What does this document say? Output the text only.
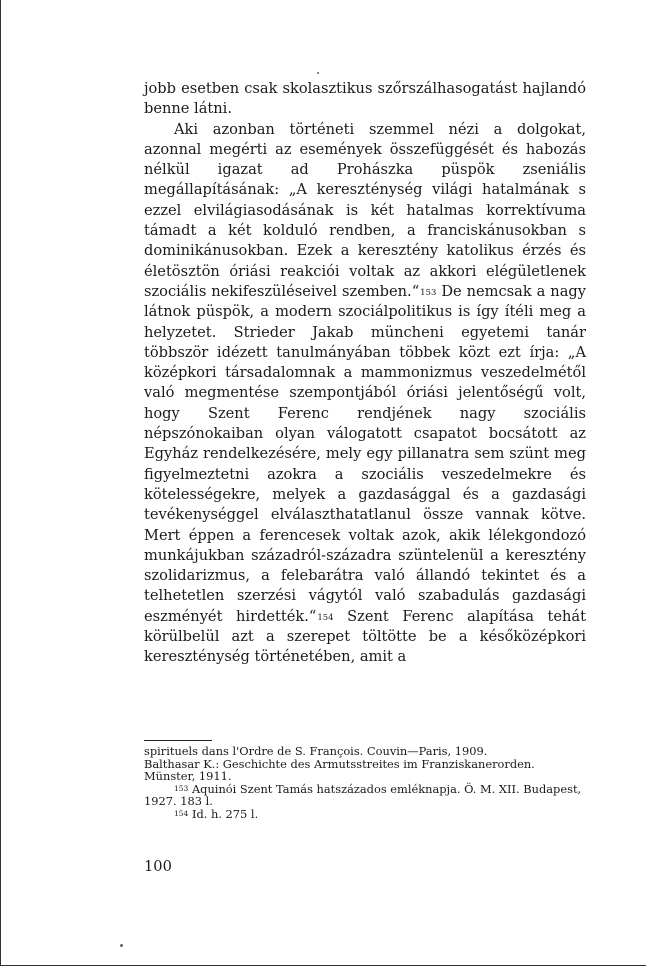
jobb esetben csak skolasztikus szőrszálhasogatást hajlandó benne látni.

Aki azonban történeti szemmel nézi a dolgokat, azonnal megérti az események összefüggését és habozás nélkül igazat ad Prohászka püspök zseniális megállapításának: „A kereszténység világi hatalmának s ezzel elvilágiasodásának is két hatalmas korrektívuma támadt a két kolduló rendben, a franciskánusokban s dominikánusokban. Ezek a keresztény katolikus érzés és életösztön óriási reakciói voltak az akkori elégületlenek szociális nekifeszüléseivel szemben.“$^{153}$ De nemcsak a nagy látnok püspök, a modern szociálpolitikus is így ítéli meg a helyzetet. Strieder Jakab müncheni egyetemi tanár többször idézett tanulmányában többek közt ezt írja: „A középkori társadalomnak a mammonizmus veszedelmétől való megmentése szempontjából óriási jelentőségű volt, hogy Szent Ferenc rendjének nagy szociális népszónokaiban olyan válogatott csapatot bocsátott az Egyház rendelkezésére, mely egy pillanatra sem szünt meg figyelmeztetni azokra a szociális veszedelmekre és kötelességekre, melyek a gazdasággal és a gazdasági tevékenységgel elválaszthatatlanul össze vannak kötve. Mert éppen a ferencesek voltak azok, akik lélekgondozó munkájukban századról-századra szüntelenül a keresztény szolidarizmus, a felebarátra való állandó tekintet és a telhetetlen szerzési vágytól való szabadulás gazdasági eszményét hirdették.“$^{154}$ Szent Ferenc alapítása tehát körülbelül azt a szerepet töltötte be a későközépkori kereszténység történetében, amit a

spirituels dans l'Ordre de S. François. Couvin—Paris, 1909.

Balthasar K.: Geschichte des Armutsstreites im Franziskanerorden. Münster, 1911.

$^{153}$ Aquinói Szent Tamás hatszázados emléknapja. Ö. M. XII. Budapest, 1927. 183 l.

$^{154}$ Id. h. 275 l.

100
